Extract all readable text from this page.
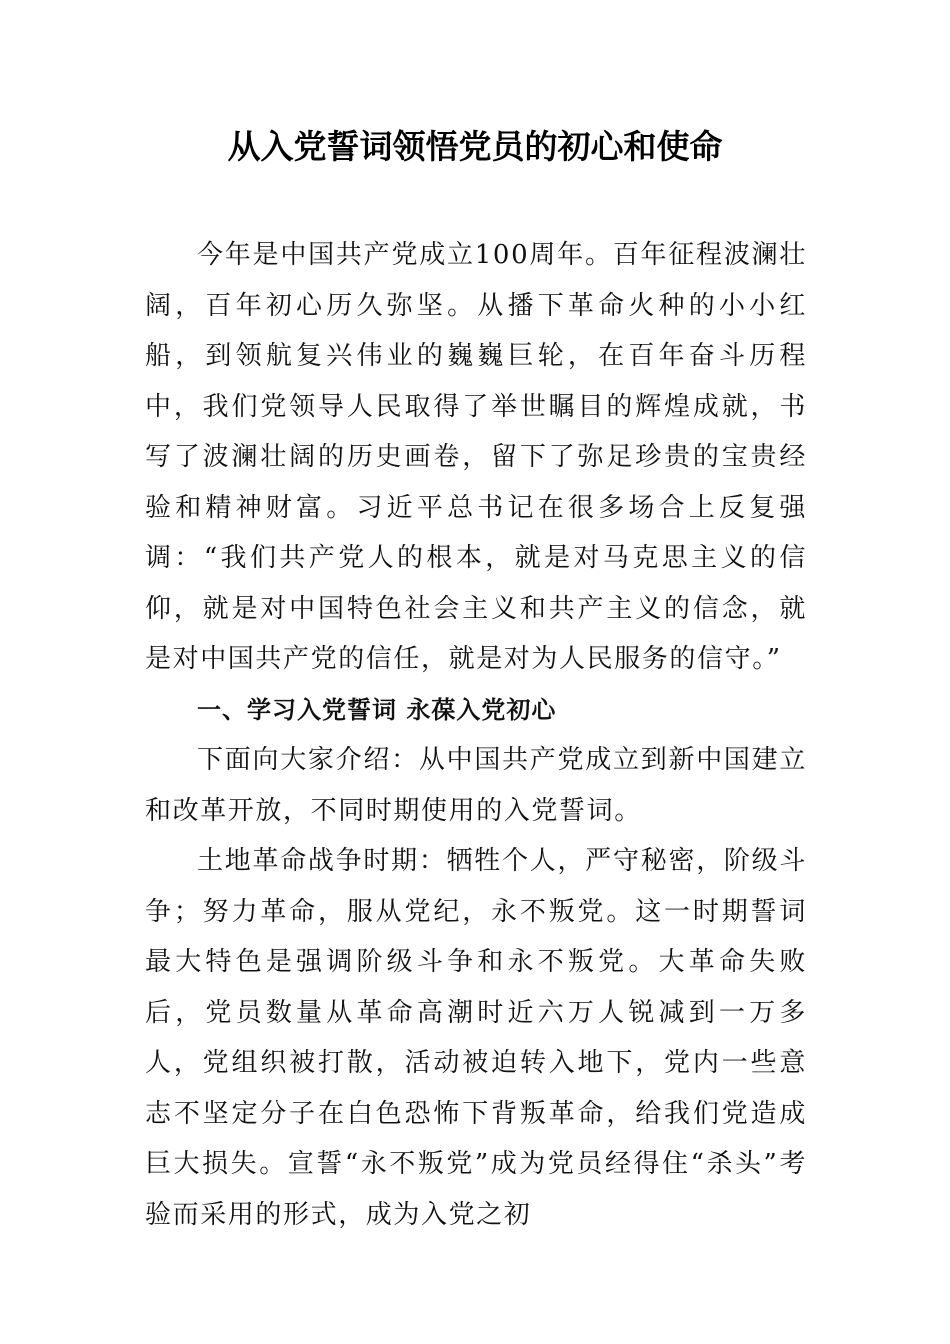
从入党誓词领悟党员的初心和使命

今年是中国共产党成立100周年。百年征程波澜壮阔，百年初心历久弥坚。从播下革命火种的小小红船，到领航复兴伟业的巍巍巨轮，在百年奋斗历程中，我们党领导人民取得了举世瞩目的辉煌成就，书写了波澜壮阔的历史画卷，留下了弥足珍贵的宝贵经验和精神财富。习近平总书记在很多场合上反复强调：“我们共产党人的根本，就是对马克思主义的信仰，就是对中国特色社会主义和共产主义的信念，就是对中国共产党的信任，就是对为人民服务的信守。”

一、学习入党誓词 永葆入党初心

下面向大家介绍：从中国共产党成立到新中国建立和改革开放，不同时期使用的入党誓词。

土地革命战争时期：牺牲个人，严守秘密，阶级斗争；努力革命，服从党纪，永不叛党。这一时期誓词最大特色是强调阶级斗争和永不叛党。大革命失败后，党员数量从革命高潮时近六万人锐减到一万多人，党组织被打散，活动被迫转入地下，党内一些意志不坚定分子在白色恐怖下背叛革命，给我们党造成巨大损失。宣誓“永不叛党”成为党员经得住“杀头”考验而采用的形式，成为入党之初
